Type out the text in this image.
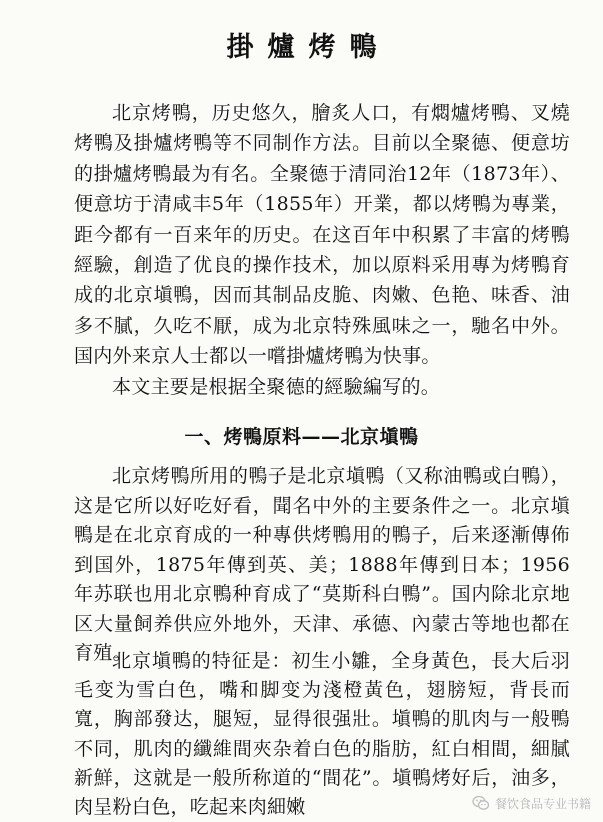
掛爐烤鴨

北京烤鴨，历史悠久，膾炙人口，有燜爐烤鴨、叉燒烤鴨及掛爐烤鴨等不同制作方法。目前以全聚德、便意坊的掛爐烤鴨最为有名。全聚德于清同治12年（1873年）、便意坊于清咸丰5年（1855年）开業，都以烤鴨为專業，距今都有一百来年的历史。在这百年中积累了丰富的烤鴨經驗，創造了优良的操作技术，加以原料采用專为烤鴨育成的北京塡鴨，因而其制品皮脆、肉嫩、色艳、味香、油多不膩，久吃不厭，成为北京特殊風味之一，馳名中外。国内外来京人士都以一嚐掛爐烤鴨为快事。

本文主要是根据全聚德的經驗編写的。

一、烤鴨原料——北京塡鴨

北京烤鴨所用的鴨子是北京塡鴨（又称油鴨或白鴨），这是它所以好吃好看，聞名中外的主要条件之一。北京塡鴨是在北京育成的一种專供烤鴨用的鴨子，后来逐漸傳佈到国外，1875年傳到英、美；1888年傳到日本；1956年苏联也用北京鴨种育成了“莫斯科白鴨”。国内除北京地区大量飼养供应外地外，天津、承德、內蒙古等地也都在育殖。

北京塡鴨的特征是：初生小雛，全身黃色，長大后羽毛变为雪白色，嘴和脚变为淺橙黃色，翅膀短，背長而寬，胸部發达，腿短，显得很强壯。塡鴨的肌肉与一般鴨不同，肌肉的纖維間夾杂着白色的脂肪，紅白相間，細膩新鮮，这就是一般所称道的“間花”。塡鴨烤好后，油多，肉呈粉白色，吃起来肉細嫩	餐饮食品专业书籍
